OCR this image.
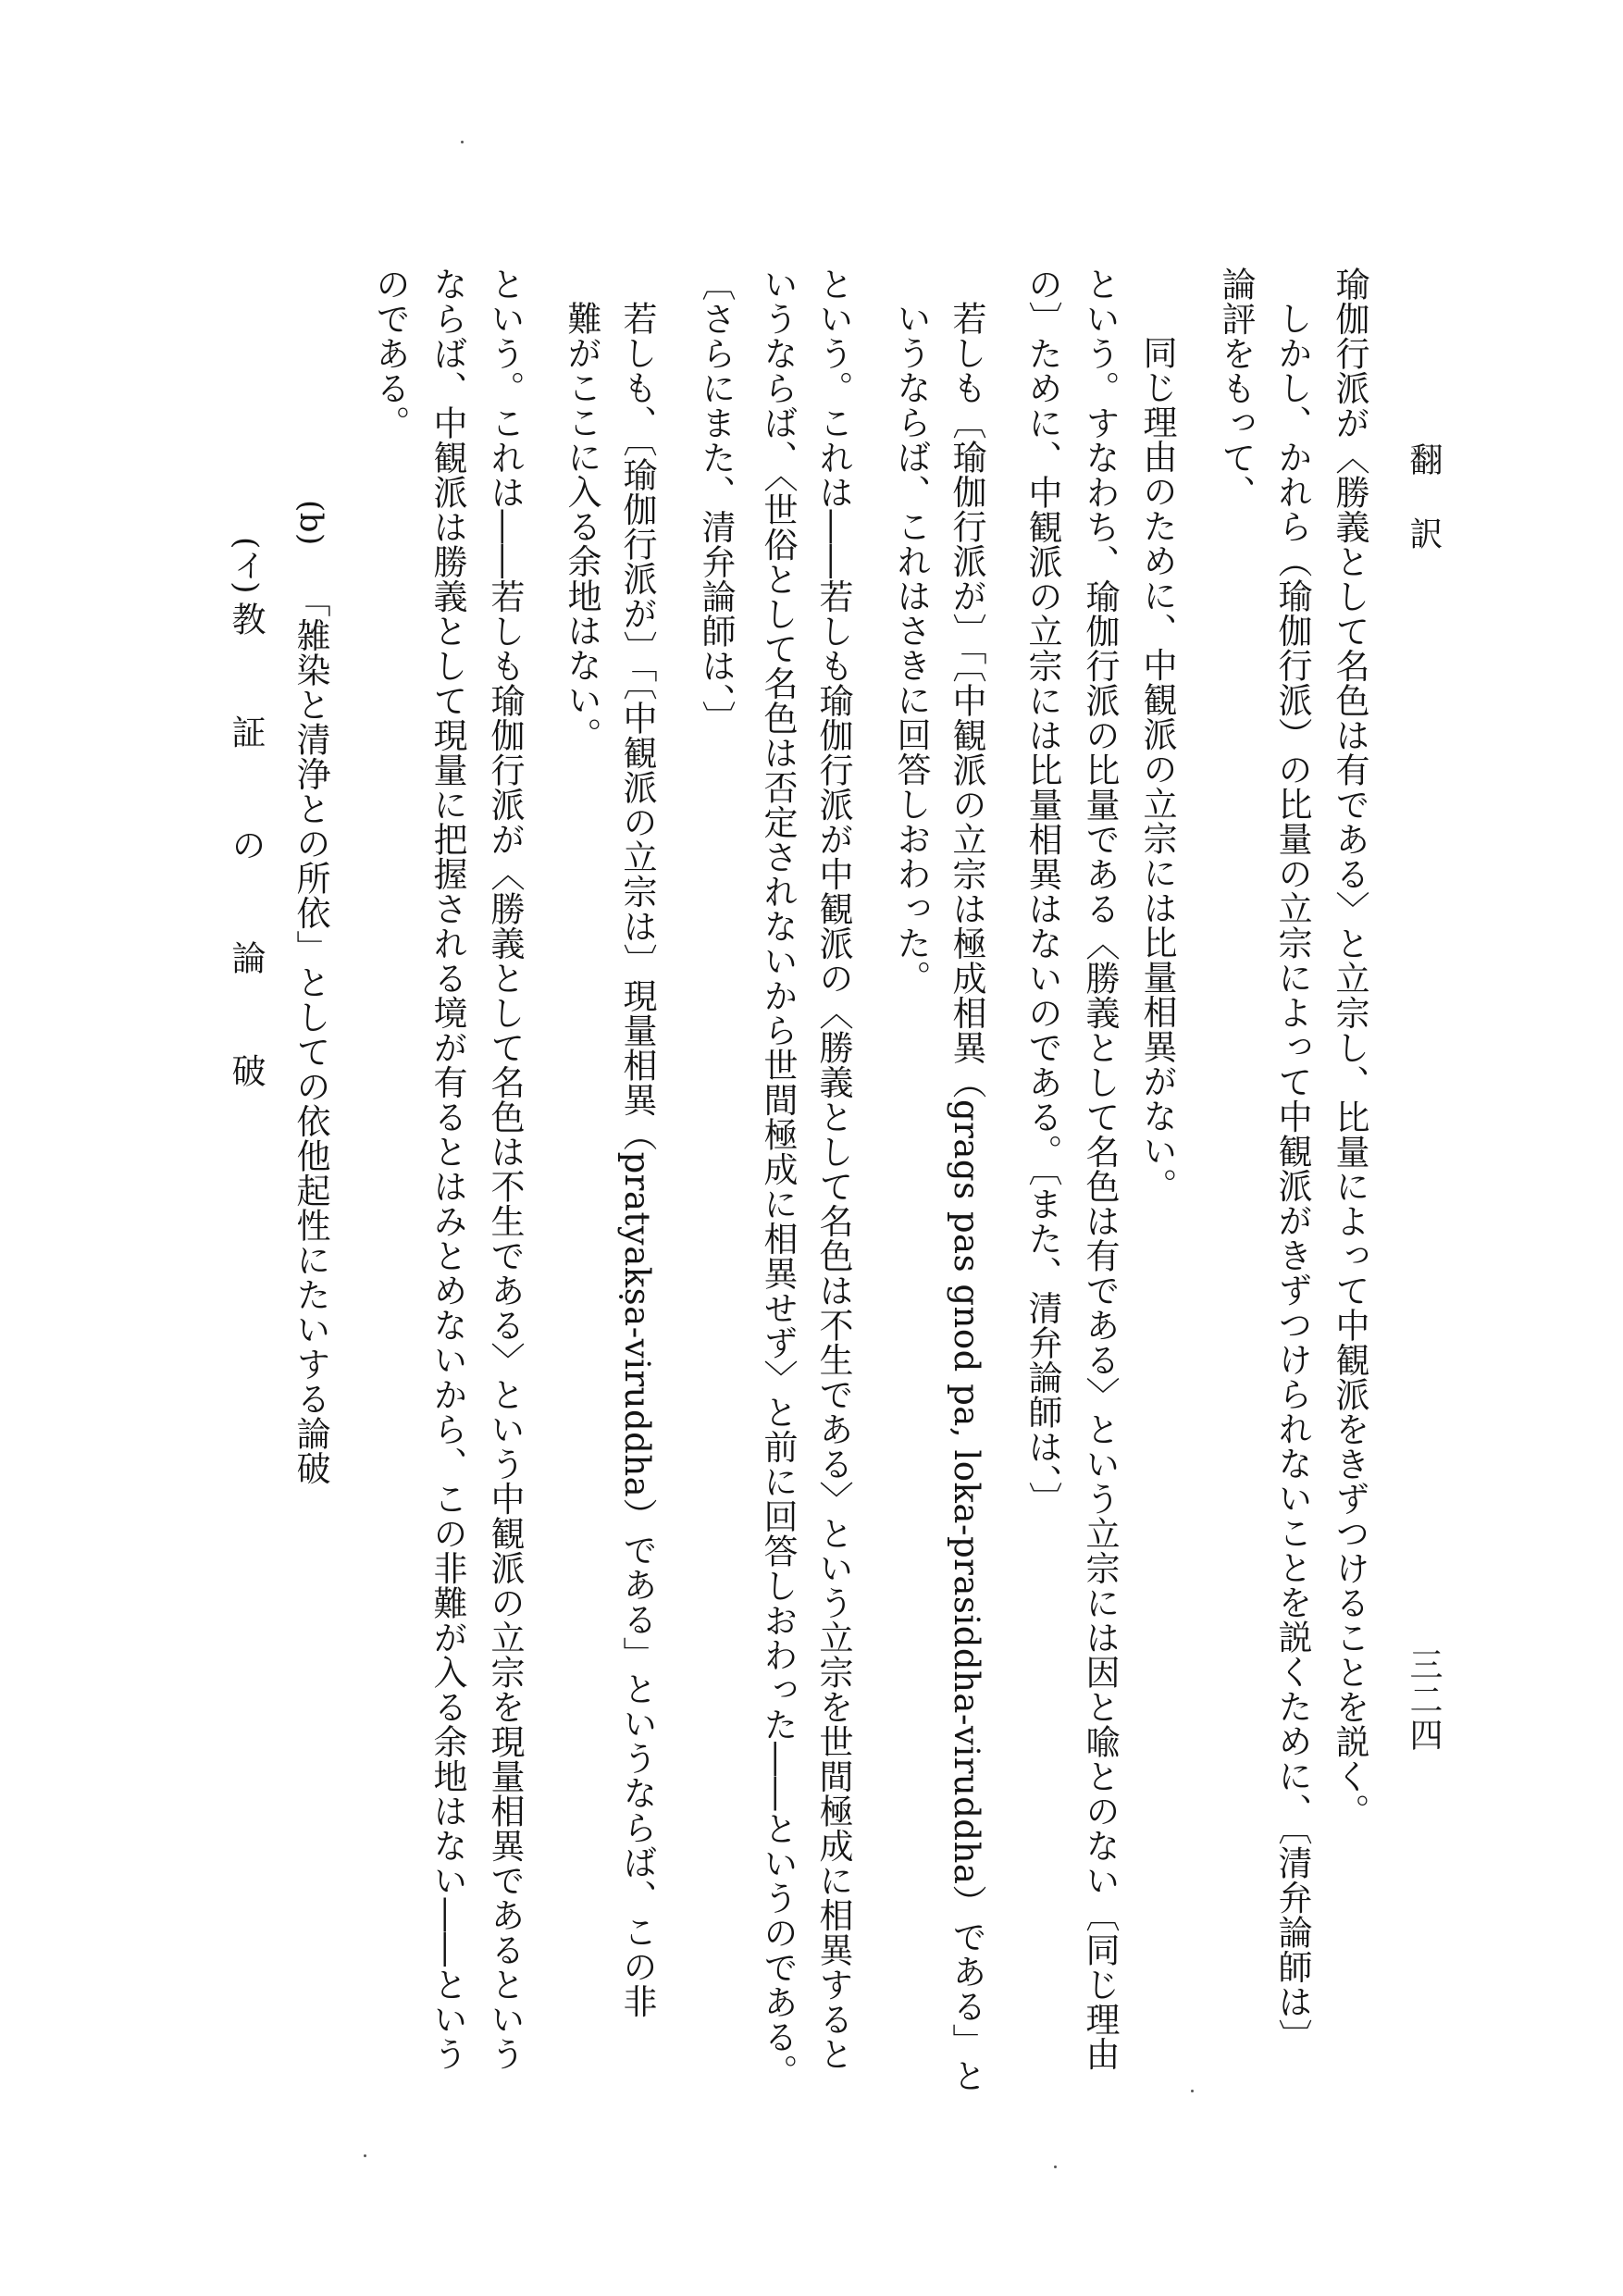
翻　訳
三二四
瑜伽行派が〈勝義として名色は有である〉と立宗し、比量によって中観派をきずつけることを説く。
しかし、かれら（瑜伽行派）の比量の立宗によって中観派がきずつけられないことを説くために、〔清弁論師は〕
論評をもって、
同じ理由のために、中観派の立宗には比量相異がない。
という。すなわち、瑜伽行派の比量である〈勝義として名色は有である〉という立宗には因と喩とのない〔同じ理由
の〕ために、中観派の立宗には比量相異はないのである。〔また、清弁論師は、〕
若しも〔瑜伽行派が〕「〔中観派の立宗は極成相異（grags pas gnod pa, loka-prasiddha-viruddha）である」と
いうならば、これはさきに回答しおわった。
という。これは――若しも瑜伽行派が中観派の〈勝義として名色は不生である〉という立宗を世間極成に相異すると
いうならば、〈世俗として名色は否定されないから世間極成に相異せず〉と前に回答しおわった――というのである。
〔さらにまた、清弁論師は、〕
若しも、〔瑜伽行派が〕「〔中観派の立宗は〕現量相異（pratyakṣa-viruddha）である」というならば、この非
難がここに入る余地はない。
という。これは――若しも瑜伽行派が〈勝義として名色は不生である〉という中観派の立宗を現量相異であるという
ならば、中観派は勝義として現量に把握される境が有るとはみとめないから、この非難が入る余地はない――という
のである。
(b)
「雑染と清浄との所依」としての依他起性にたいする論破
(イ)
教　証　の　論　破
